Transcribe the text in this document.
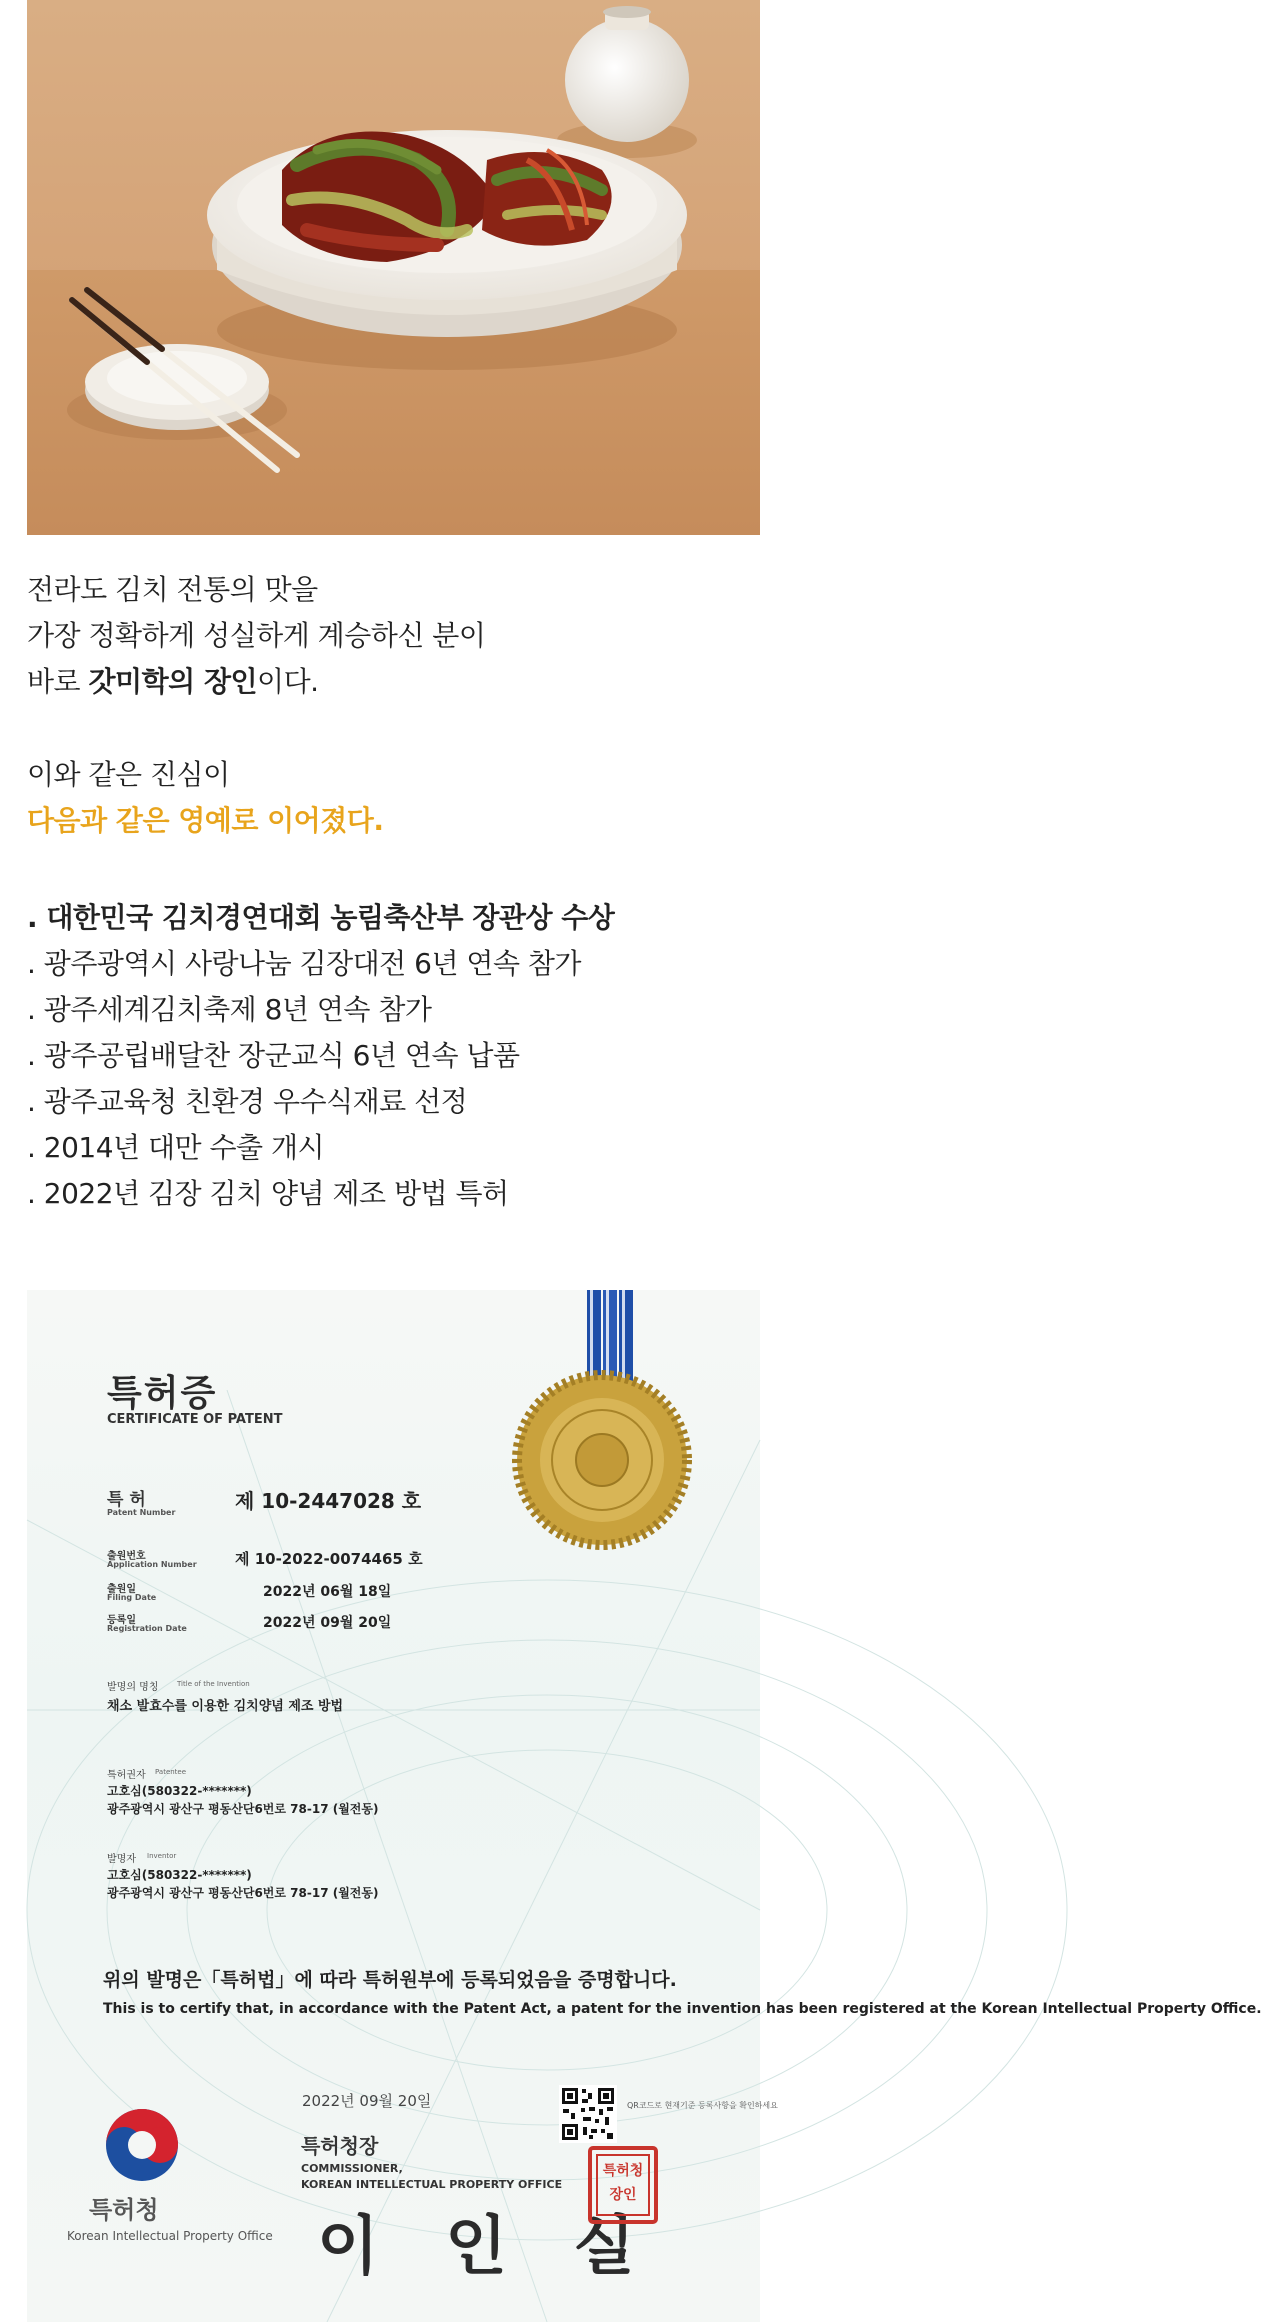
전라도 김치 전통의 맛을

가장 정확하게 성실하게 계승하신 분이

바로 갓미학의 장인이다.

이와 같은 진심이

다음과 같은 영예로 이어졌다.

. 대한민국 김치경연대회 농림축산부 장관상 수상

. 광주광역시 사랑나눔 김장대전 6년 연속 참가

. 광주세계김치축제 8년 연속 참가

. 광주공립배달찬 장군교식 6년 연속 납품

. 광주교육청 친환경 우수식재료 선정

. 2014년 대만 수출 개시

. 2022년 김장 김치 양념 제조 방법 특허

특허증
CERTIFICATE OF PATENT
특 허
Patent Number	제 10-2447028 호
출원번호
Application Number	제 10-2022-0074465 호
출원일
Filing Date	2022년 06월 18일
등록일
Registration Date	2022년 09월 20일
발명의 명칭	Title of the Invention
채소 발효수를 이용한 김치양념 제조 방법
특허권자 Patentee
고호심(580322-*******)
광주광역시 광산구 평동산단6번로 78-17 (월전동)
발명자 Inventor
고호심(580322-*******)
광주광역시 광산구 평동산단6번로 78-17 (월전동)
위의 발명은「특허법」에 따라 특허원부에 등록되었음을 증명합니다.
This is to certify that, in accordance with the Patent Act, a patent for the invention has been registered at the Korean Intellectual Property Office.
2022년 09월 20일
특허청장
COMMISSIONER,
KOREAN INTELLECTUAL PROPERTY OFFICE
이 인 실
QR코드로 현재기준 등록사항을 확인하세요
특허청
장인
특허청
Korean Intellectual Property Office
